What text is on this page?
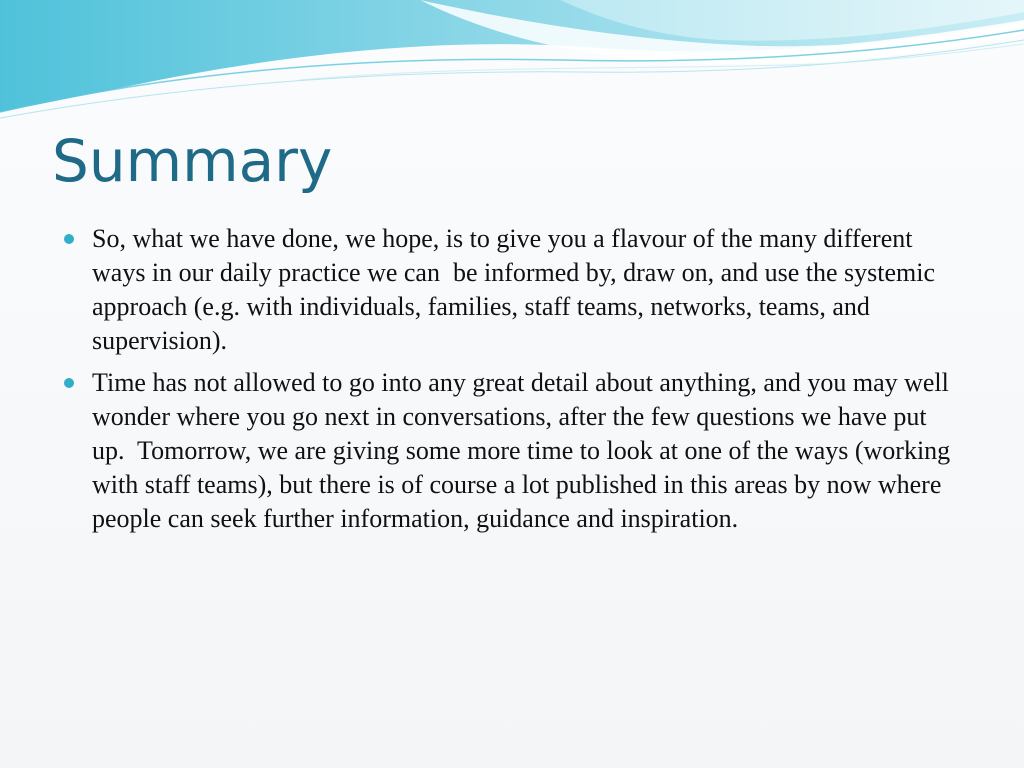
Summary
So, what we have done, we hope, is to give you a flavour of the many different ways in our daily practice we can  be informed by, draw on, and use the systemic approach (e.g. with individuals, families, staff teams, networks, teams, and supervision).
Time has not allowed to go into any great detail about anything, and you may well wonder where you go next in conversations, after the few questions we have put up.  Tomorrow, we are giving some more time to look at one of the ways (working with staff teams), but there is of course a lot published in this areas by now where people can seek further information, guidance and inspiration.
